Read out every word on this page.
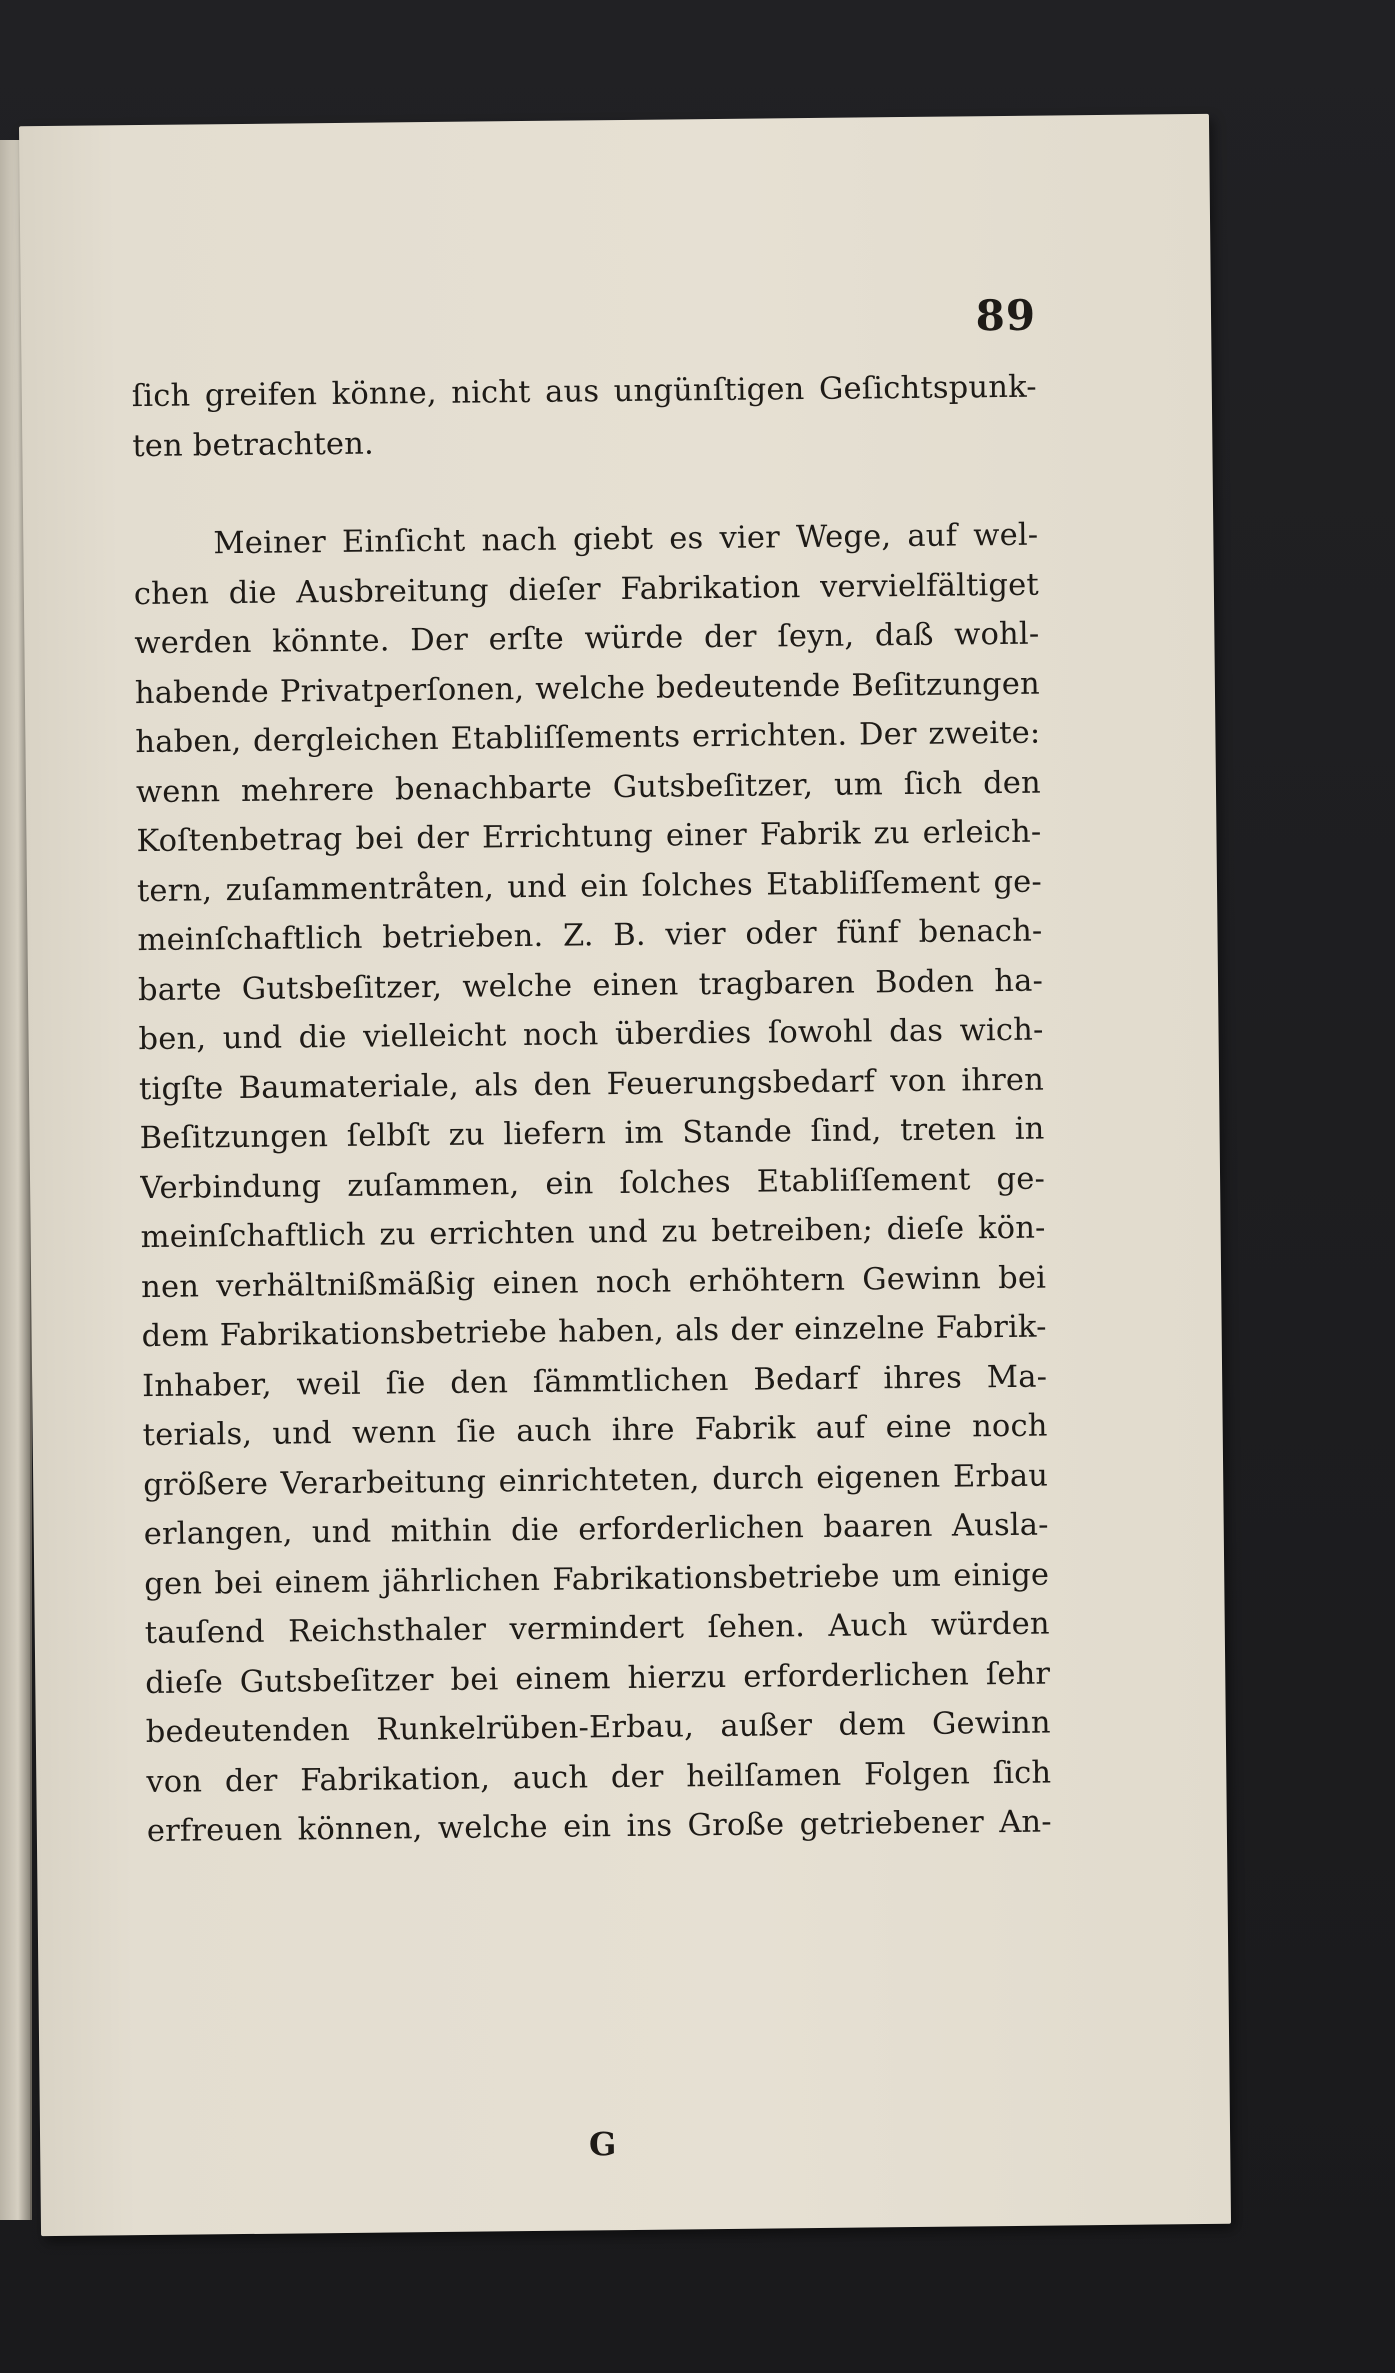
89
ſich greifen könne, nicht aus ungünſtigen Geſichtspunk-
ten betrachten.
Meiner Einſicht nach giebt es vier Wege, auf wel-
chen die Ausbreitung dieſer Fabrikation vervielfältiget
werden könnte. Der erſte würde der ſeyn, daß wohl-
habende Privatperſonen, welche bedeutende Beſitzungen
haben, dergleichen Etabliſſements errichten. Der zweite:
wenn mehrere benachbarte Gutsbeſitzer, um ſich den
Koſtenbetrag bei der Errichtung einer Fabrik zu erleich-
tern, zuſammentråten, und ein ſolches Etabliſſement ge-
meinſchaftlich betrieben. Z. B. vier oder fünf benach-
barte Gutsbeſitzer, welche einen tragbaren Boden ha-
ben, und die vielleicht noch überdies ſowohl das wich-
tigſte Baumateriale, als den Feuerungsbedarf von ihren
Beſitzungen ſelbſt zu liefern im Stande ſind, treten in
Verbindung zuſammen, ein ſolches Etabliſſement ge-
meinſchaftlich zu errichten und zu betreiben; dieſe kön-
nen verhältnißmäßig einen noch erhöhtern Gewinn bei
dem Fabrikationsbetriebe haben, als der einzelne Fabrik-
Inhaber, weil ſie den ſämmtlichen Bedarf ihres Ma-
terials, und wenn ſie auch ihre Fabrik auf eine noch
größere Verarbeitung einrichteten, durch eigenen Erbau
erlangen, und mithin die erforderlichen baaren Ausla-
gen bei einem jährlichen Fabrikationsbetriebe um einige
tauſend Reichsthaler vermindert ſehen. Auch würden
dieſe Gutsbeſitzer bei einem hierzu erforderlichen ſehr
bedeutenden Runkelrüben-Erbau, außer dem Gewinn
von der Fabrikation, auch der heilſamen Folgen ſich
erfreuen können, welche ein ins Große getriebener An-
G
